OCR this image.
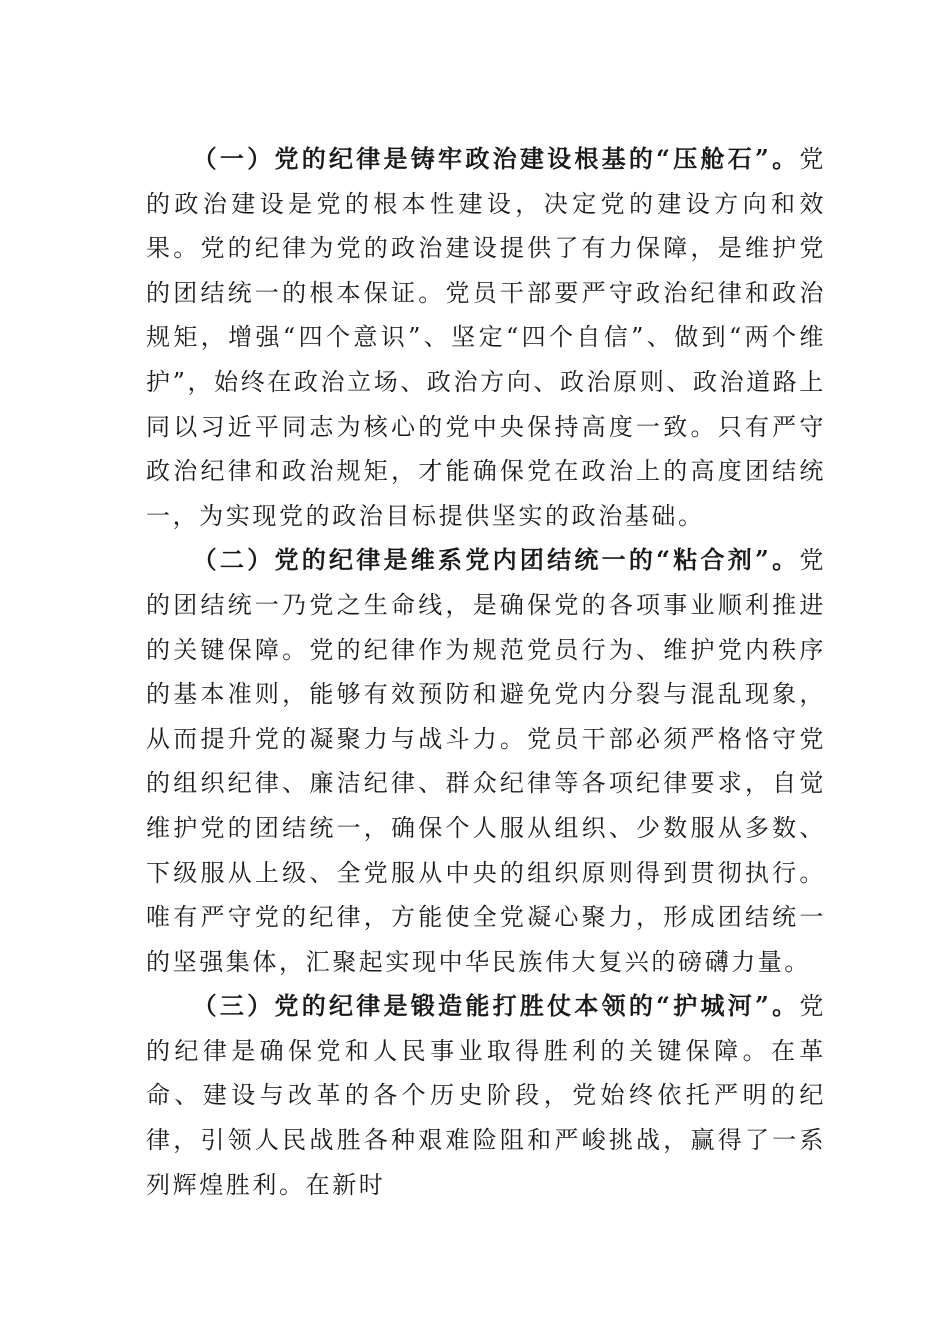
（一）党的纪律是铸牢政治建设根基的“压舱石”。党的政治建设是党的根本性建设，决定党的建设方向和效果。党的纪律为党的政治建设提供了有力保障，是维护党的团结统一的根本保证。党员干部要严守政治纪律和政治规矩，增强“四个意识”、坚定“四个自信”、做到“两个维护”，始终在政治立场、政治方向、政治原则、政治道路上同以习近平同志为核心的党中央保持高度一致。只有严守政治纪律和政治规矩，才能确保党在政治上的高度团结统一，为实现党的政治目标提供坚实的政治基础。

（二）党的纪律是维系党内团结统一的“粘合剂”。党的团结统一乃党之生命线，是确保党的各项事业顺利推进的关键保障。党的纪律作为规范党员行为、维护党内秩序的基本准则，能够有效预防和避免党内分裂与混乱现象，从而提升党的凝聚力与战斗力。党员干部必须严格恪守党的组织纪律、廉洁纪律、群众纪律等各项纪律要求，自觉维护党的团结统一，确保个人服从组织、少数服从多数、下级服从上级、全党服从中央的组织原则得到贯彻执行。唯有严守党的纪律，方能使全党凝心聚力，形成团结统一的坚强集体，汇聚起实现中华民族伟大复兴的磅礴力量。

（三）党的纪律是锻造能打胜仗本领的“护城河”。党的纪律是确保党和人民事业取得胜利的关键保障。在革命、建设与改革的各个历史阶段，党始终依托严明的纪律，引领人民战胜各种艰难险阻和严峻挑战，赢得了一系列辉煌胜利。在新时
